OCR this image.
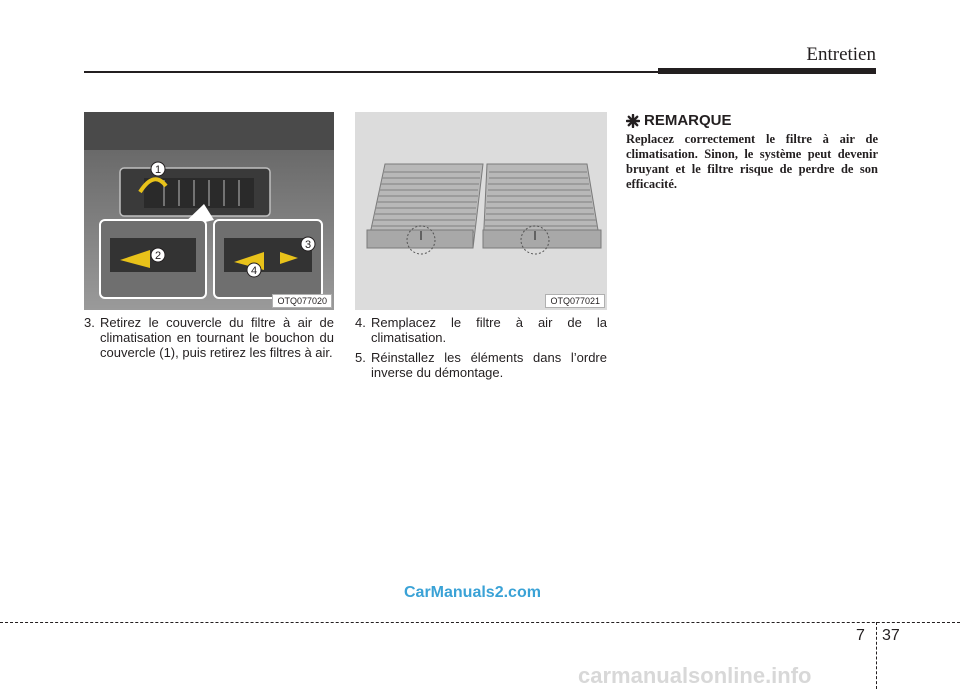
Entretien
1
2
3
4
OTQ077020	OTQ077021
3. Retirez le couvercle du filtre à air de climatisation en tournant le bouchon du couvercle (1), puis retirez les filtres à air.
4. Remplacez le filtre à air de la climatisation.
5. Réinstallez les éléments dans l’ordre inverse du démontage.
REMARQUE
Replacez correctement le filtre à air de climatisation. Sinon, le système peut devenir bruyant et le filtre risque de perdre de son efficacité.
CarManuals2.com
7 37
carmanualsonline.info
